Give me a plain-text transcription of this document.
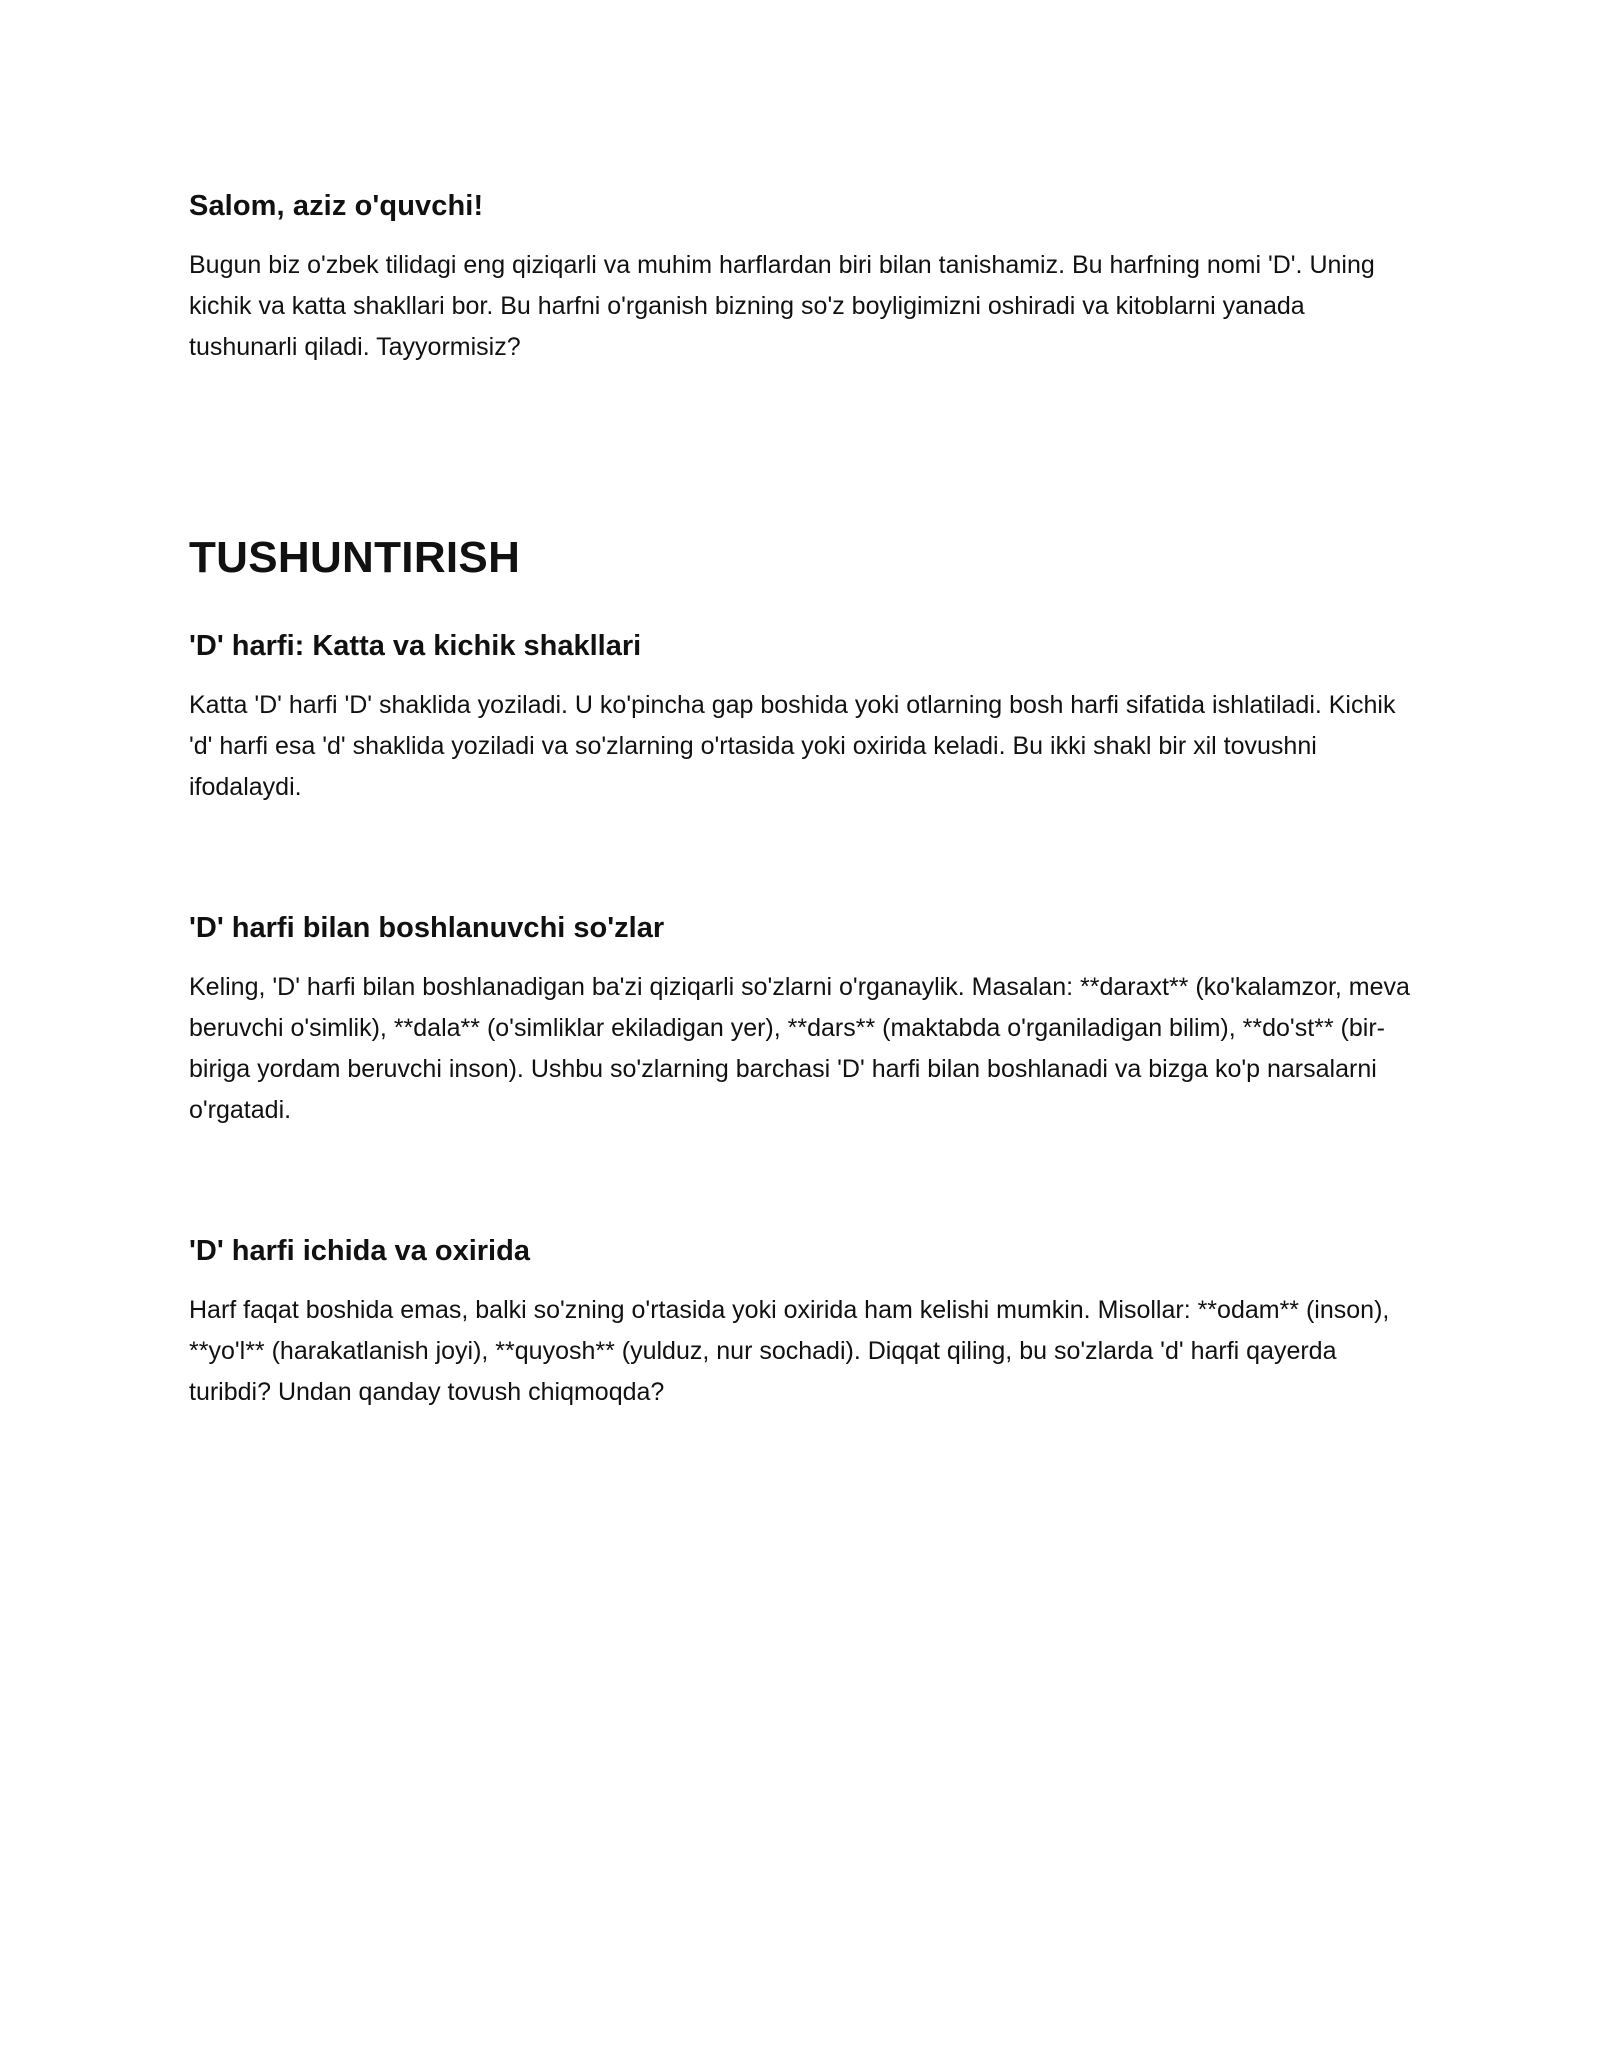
Salom, aziz o'quvchi!

Bugun biz o'zbek tilidagi eng qiziqarli va muhim harflardan biri bilan tanishamiz. Bu harfning nomi 'D'. Uning kichik va katta shakllari bor. Bu harfni o'rganish bizning so'z boyligimizni oshiradi va kitoblarni yanada tushunarli qiladi. Tayyormisiz?

TUSHUNTIRISH
'D' harfi: Katta va kichik shakllari

Katta 'D' harfi 'D' shaklida yoziladi. U ko'pincha gap boshida yoki otlarning bosh harfi sifatida ishlatiladi. Kichik 'd' harfi esa 'd' shaklida yoziladi va so'zlarning o'rtasida yoki oxirida keladi. Bu ikki shakl bir xil tovushni ifodalaydi.

'D' harfi bilan boshlanuvchi so'zlar

Keling, 'D' harfi bilan boshlanadigan ba'zi qiziqarli so'zlarni o'rganaylik. Masalan: **daraxt** (ko'kalamzor, meva beruvchi o'simlik), **dala** (o'simliklar ekiladigan yer), **dars** (maktabda o'rganiladigan bilim), **do'st** (bir-biriga yordam beruvchi inson). Ushbu so'zlarning barchasi 'D' harfi bilan boshlanadi va bizga ko'p narsalarni o'rgatadi.

'D' harfi ichida va oxirida

Harf faqat boshida emas, balki so'zning o'rtasida yoki oxirida ham kelishi mumkin. Misollar: **odam** (inson), **yo'l** (harakatlanish joyi), **quyosh** (yulduz, nur sochadi). Diqqat qiling, bu so'zlarda 'd' harfi qayerda turibdi? Undan qanday tovush chiqmoqda?
